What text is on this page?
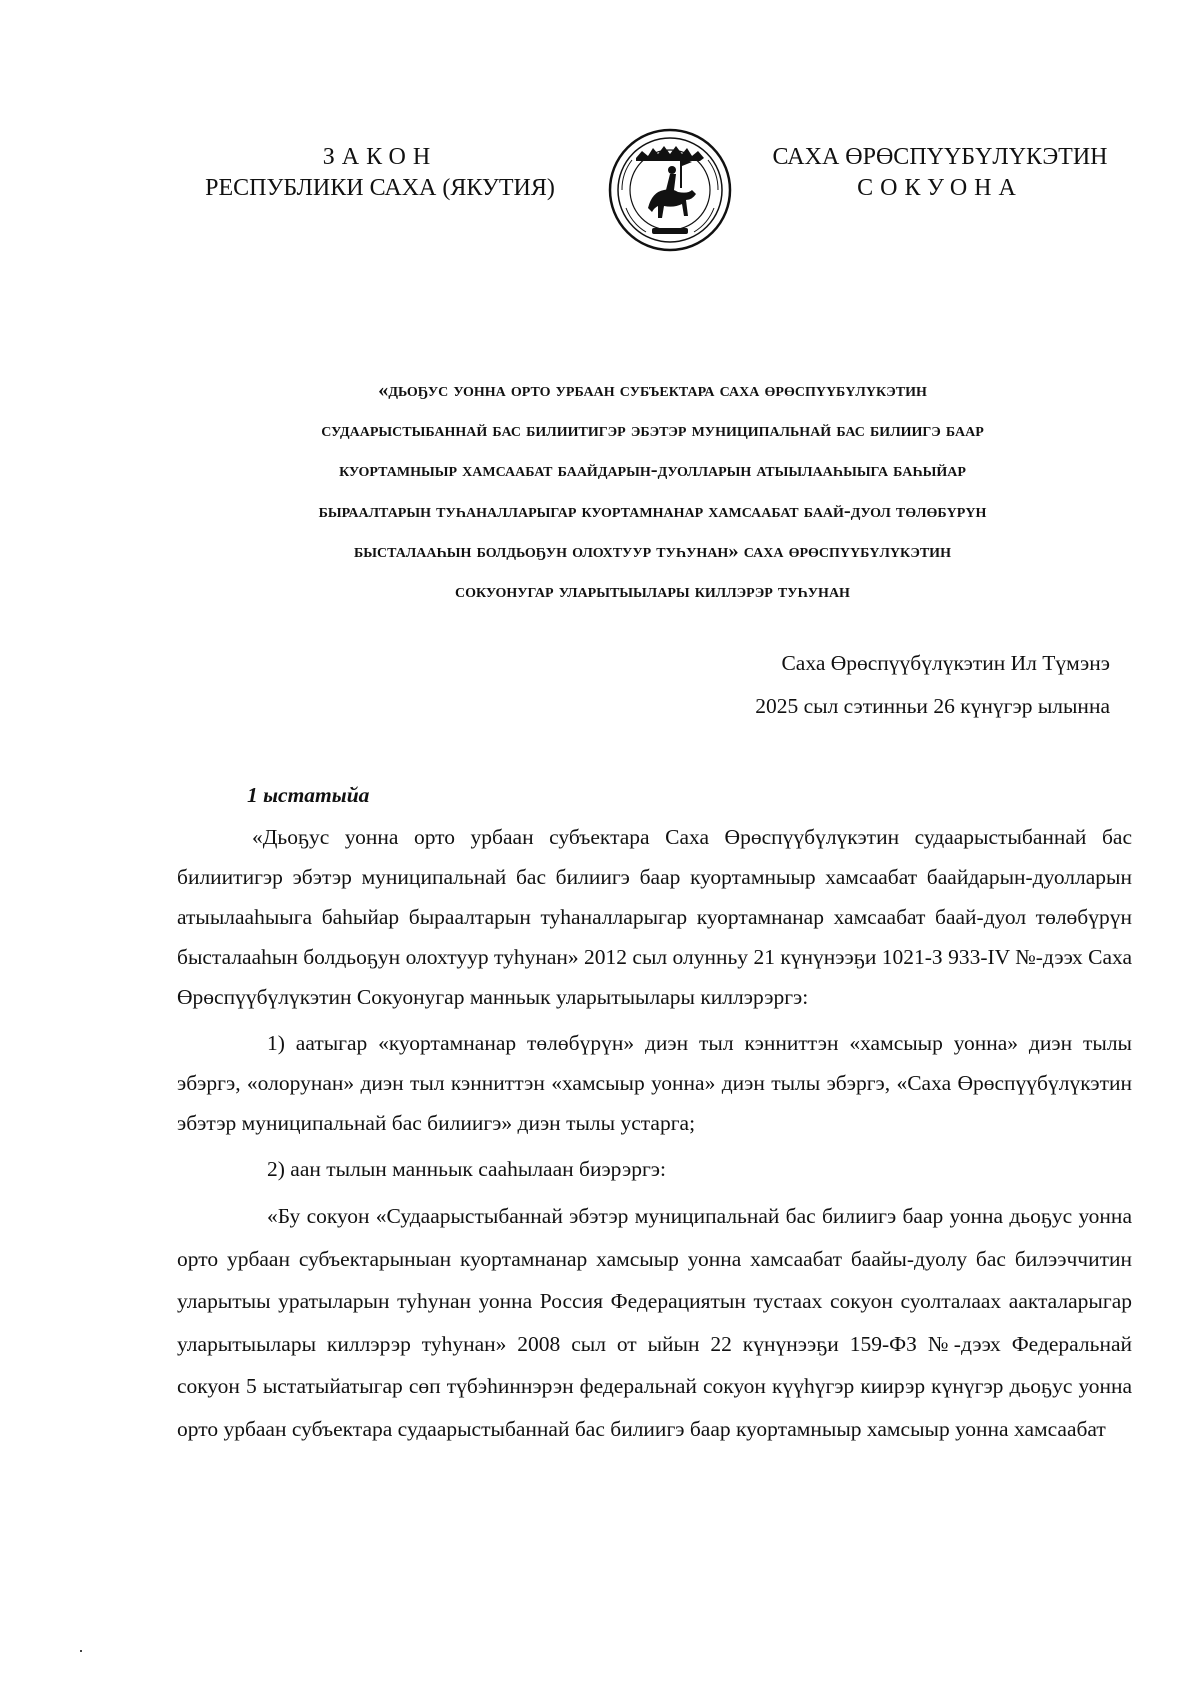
ЗАКОН
РЕСПУБЛИКИ САХА (ЯКУТИЯ)
САХА ӨРӨСПҮҮБҮЛҮКЭТИН
СОКУОНА
«дьоҕус уонна орто урбаан субъектара саха өрөспүүбүлүкэтин
судаарыстыбаннай бас билиитигэр эбэтэр муниципальнай бас билиигэ баар
куортамныыр хамсаабат баайдарын-дуолларын атыылааһыыга баһыйар
быраалтарын туһаналларыгар куортамнанар хамсаабат баай-дуол төлөбүрүн
бысталааһын болдьоҕун олохтуур туһунан» саха өрөспүүбүлүкэтин
сокуонугар уларытыылары киллэрэр туһунан
Саха Өрөспүүбүлүкэтин Ил Түмэнэ
2025 сыл сэтинньи 26 күнүгэр ылынна
1 ыстатыйа

«Дьоҕус уонна орто урбаан субъектара Саха Өрөспүүбүлүкэтин судаарыстыбаннай бас билиитигэр эбэтэр муниципальнай бас билиигэ баар куортамныыр хамсаабат баайдарын-дуолларын атыылааһыыга баһыйар быраалтарын туһаналларыгар куортамнанар хамсаабат баай-дуол төлөбүрүн бысталааһын болдьоҕун олохтуур туһунан» 2012 сыл олунньу 21 күнүнээҕи 1021-З 933-IV №-дээх Саха Өрөспүүбүлүкэтин Сокуонугар манньык уларытыылары киллэрэргэ:

1) аатыгар «куортамнанар төлөбүрүн» диэн тыл кэнниттэн «хамсыыр уонна» диэн тылы эбэргэ, «олорунан» диэн тыл кэнниттэн «хамсыыр уонна» диэн тылы эбэргэ, «Саха Өрөспүүбүлүкэтин эбэтэр муниципальнай бас билиигэ» диэн тылы устарга;

2) аан тылын манньык сааһылаан биэрэргэ:

«Бу сокуон «Судаарыстыбаннай эбэтэр муниципальнай бас билиигэ баар уонна дьоҕус уонна орто урбаан субъектарыныан куортамнанар хамсыыр уонна хамсаабат баайы-дуолу бас билээччитин уларытыы уратыларын туһунан уонна Россия Федерациятын тустаах сокуон суолталаах аакталарыгар уларытыылары киллэрэр туһунан» 2008 сыл от ыйын 22 күнүнээҕи 159-ФЗ №-дээх Федеральнай сокуон 5 ыстатыйатыгар сөп түбэһиннэрэн федеральнай сокуон күүһүгэр киирэр күнүгэр дьоҕус уонна орто урбаан субъектара судаарыстыбаннай бас билиигэ баар куортамныыр хамсыыр уонна хамсаабат
